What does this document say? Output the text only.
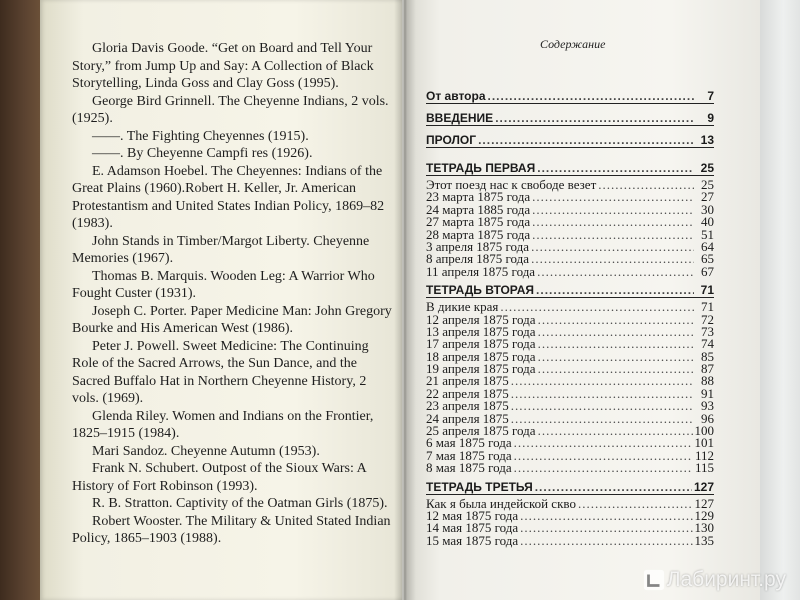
Gloria Davis Goode. “Get on Board and Tell Your Story,” from Jump Up and Say: A Collection of Black Storytelling, Linda Goss and Clay Goss (1995).

George Bird Grinnell. The Cheyenne Indians, 2 vols. (1925).

——. The Fighting Cheyennes (1915).

——. By Cheyenne Campfi res (1926).

E. Adamson Hoebel. The Cheyennes: Indians of the Great Plains (1960).Robert H. Keller, Jr. American Protestantism and United States Indian Policy, 1869–82 (1983).

John Stands in Timber/Margot Liberty. Cheyenne Memories (1967).

Thomas B. Marquis. Wooden Leg: A Warrior Who Fought Custer (1931).

Joseph C. Porter. Paper Medicine Man: John Gregory Bourke and His American West (1986).

Peter J. Powell. Sweet Medicine: The Continuing Role of the Sacred Arrows, the Sun Dance, and the Sacred Buffalo Hat in Northern Cheyenne History, 2 vols. (1969).

Glenda Riley. Women and Indians on the Frontier, 1825–1915 (1984).

Mari Sandoz. Cheyenne Autumn (1953).

Frank N. Schubert. Outpost of the Sioux Wars: A History of Fort Robinson (1993).

R. B. Stratton. Captivity of the Oatman Girls (1875).

Robert Wooster. The Military & United Stated Indian Policy, 1865–1903 (1988).

Содержание
От автора .....	7
ВВЕДЕНИЕ .....	9
ПРОЛОГ .....	13
ТЕТРАДЬ ПЕРВАЯ .....	25
Этот поезд нас к свободе везет .....	25
23 марта 1875 года .....	27
24 марта 1885 года .....	30
27 марта 1875 года .....	40
28 марта 1875 года .....	51
3 апреля 1875 года .....	64
8 апреля 1875 года .....	65
11 апреля 1875 года .....	67
ТЕТРАДЬ ВТОРАЯ .....	71
В дикие края .....	71
12 апреля 1875 года .....	72
13 апреля 1875 года .....	73
17 апреля 1875 года .....	74
18 апреля 1875 года .....	85
19 апреля 1875 года .....	87
21 апреля 1875 .....	88
22 апреля 1875 .....	91
23 апреля 1875 .....	93
24 апреля 1875 .....	96
25 апреля 1875 года .....	100
6 мая 1875 года .....	101
7 мая 1875 года .....	112
8 мая 1875 года .....	115
ТЕТРАДЬ ТРЕТЬЯ .....	127
Как я была индейской скво .....	127
12 мая 1875 года .....	129
14 мая 1875 года .....	130
15 мая 1875 года .....	135
Лабиринт.ру
